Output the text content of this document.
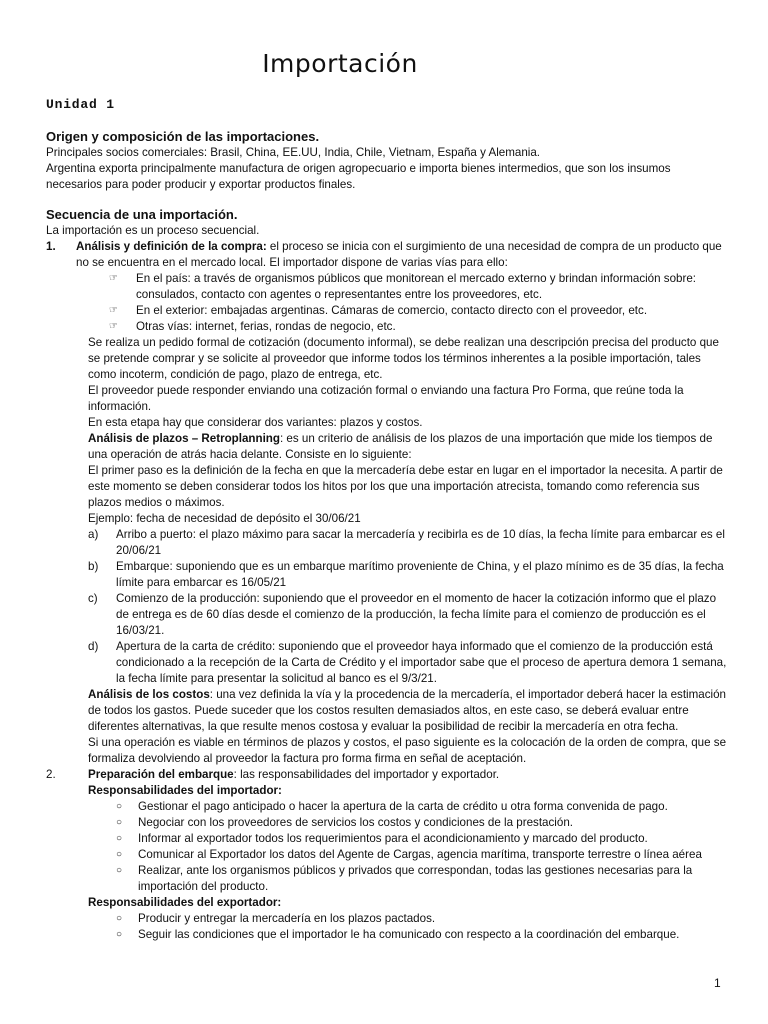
Importación
Unidad 1
Origen y composición de las importaciones.

Principales socios comerciales: Brasil, China, EE.UU, India, Chile, Vietnam, España y Alemania.

Argentina exporta principalmente manufactura de origen agropecuario e importa bienes intermedios, que son los insumos necesarios para poder producir y exportar productos finales.

Secuencia de una importación.

La importación es un proceso secuencial.

1.	Análisis y definición de la compra: el proceso se inicia con el surgimiento de una necesidad de compra de un producto que no se encuentra en el mercado local. El importador dispone de varias vías para ello:
☞	En el país: a través de organismos públicos que monitorean el mercado externo y brindan información sobre: consulados, contacto con agentes o representantes entre los proveedores, etc.
☞	En el exterior: embajadas argentinas. Cámaras de comercio, contacto directo con el proveedor, etc.
☞	Otras vías: internet, ferias, rondas de negocio, etc.

Se realiza un pedido formal de cotización (documento informal), se debe realizan una descripción precisa del producto que se pretende comprar y se solicite al proveedor que informe todos los términos inherentes a la posible importación, tales como incoterm, condición de pago, plazo de entrega, etc.

El proveedor puede responder enviando una cotización formal o enviando una factura Pro Forma, que reúne toda la información.

En esta etapa hay que considerar dos variantes: plazos y costos.

Análisis de plazos – Retroplanning: es un criterio de análisis de los plazos de una importación que mide los tiempos de una operación de atrás hacia delante. Consiste en lo siguiente:

El primer paso es la definición de la fecha en que la mercadería debe estar en lugar en el importador la necesita. A partir de este momento se deben considerar todos los hitos por los que una importación atrecista, tomando como referencia sus plazos medios o máximos.

Ejemplo: fecha de necesidad de depósito el 30/06/21

a)	Arribo a puerto: el plazo máximo para sacar la mercadería y recibirla es de 10 días, la fecha límite para embarcar es el 20/06/21
b)	Embarque: suponiendo que es un embarque marítimo proveniente de China, y el plazo mínimo es de 35 días, la fecha límite para embarcar es 16/05/21
c)	Comienzo de la producción: suponiendo que el proveedor en el momento de hacer la cotización informo que el plazo de entrega es de 60 días desde el comienzo de la producción, la fecha límite para el comienzo de producción es el 16/03/21.
d)	Apertura de la carta de crédito: suponiendo que el proveedor haya informado que el comienzo de la producción está condicionado a la recepción de la Carta de Crédito y el importador sabe que el proceso de apertura demora 1 semana, la fecha límite para presentar la solicitud al banco es el 9/3/21.

Análisis de los costos: una vez definida la vía y la procedencia de la mercadería, el importador deberá hacer la estimación de todos los gastos. Puede suceder que los costos resulten demasiados altos, en este caso, se deberá evaluar entre diferentes alternativas, la que resulte menos costosa y evaluar la posibilidad de recibir la mercadería en otra fecha.

Si una operación es viable en términos de plazos y costos, el paso siguiente es la colocación de la orden de compra, que se formaliza devolviendo al proveedor la factura pro forma firma en señal de aceptación.

2.	Preparación del embarque: las responsabilidades del importador y exportador.

Responsabilidades del importador:

○	Gestionar el pago anticipado o hacer la apertura de la carta de crédito u otra forma convenida de pago.
○	Negociar con los proveedores de servicios los costos y condiciones de la prestación.
○	Informar al exportador todos los requerimientos para el acondicionamiento y marcado del producto.
○	Comunicar al Exportador los datos del Agente de Cargas, agencia marítima, transporte terrestre o línea aérea
○	Realizar, ante los organismos públicos y privados que correspondan, todas las gestiones necesarias para la importación del producto.

Responsabilidades del exportador:

○	Producir y entregar la mercadería en los plazos pactados.
○	Seguir las condiciones que el importador le ha comunicado con respecto a la coordinación del embarque.
1
